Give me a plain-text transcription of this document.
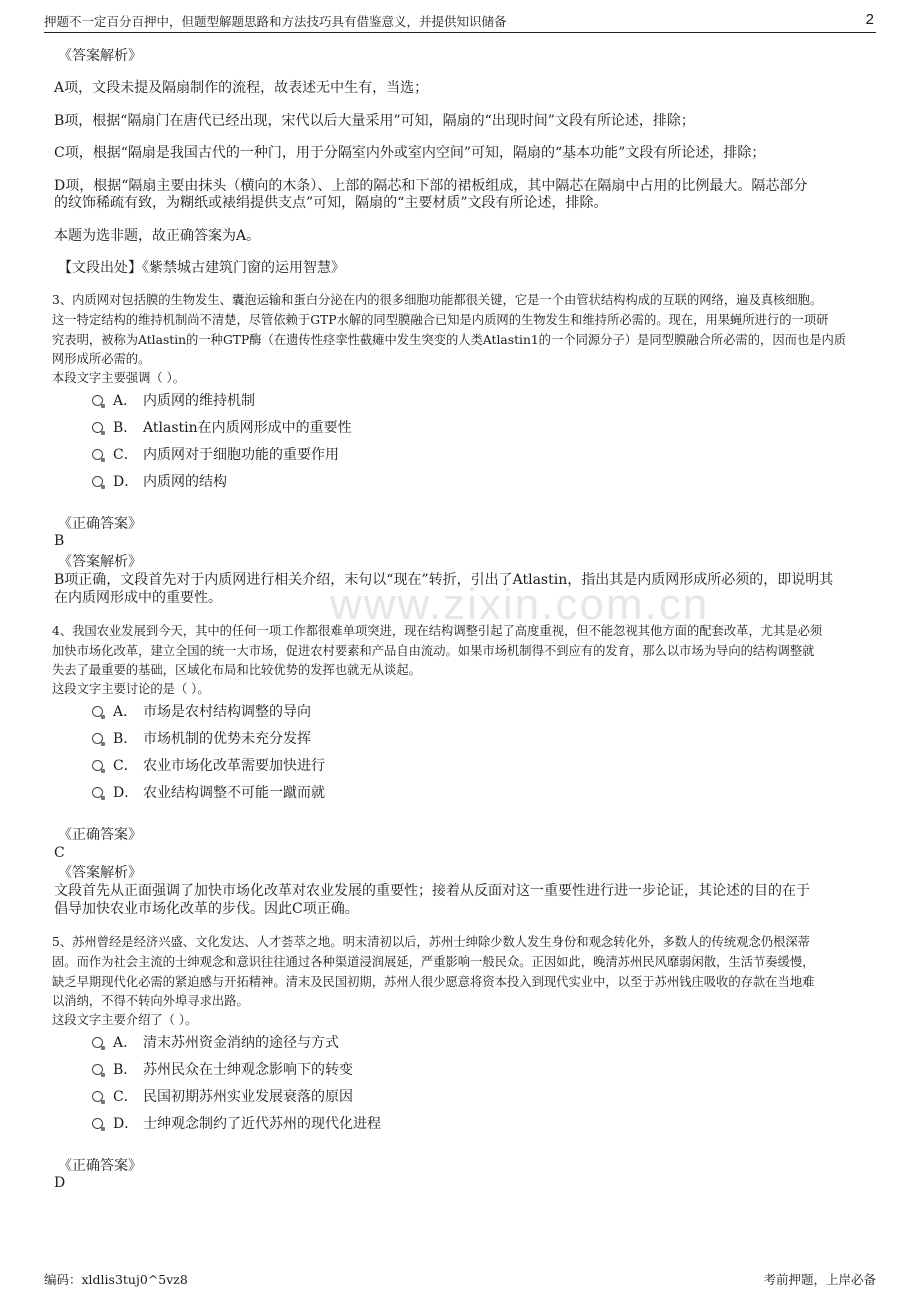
www.zixin.com.cn
押题不一定百分百押中，但题型解题思路和方法技巧具有借鉴意义，并提供知识储备	2
《答案解析》
A项，文段未提及隔扇制作的流程，故表述无中生有，当选；
B项，根据“隔扇门在唐代已经出现，宋代以后大量采用”可知，隔扇的“出现时间”文段有所论述，排除；
C项，根据“隔扇是我国古代的一种门，用于分隔室内外或室内空间”可知，隔扇的“基本功能”文段有所论述，排除；
D项，根据“隔扇主要由抹头（横向的木条）、上部的隔芯和下部的裙板组成，其中隔芯在隔扇中占用的比例最大。隔芯部分
的纹饰稀疏有致，为糊纸或裱绢提供支点”可知，隔扇的“主要材质”文段有所论述，排除。
本题为选非题，故正确答案为A。
【文段出处】《紫禁城古建筑门窗的运用智慧》
3、内质网对包括膜的生物发生、囊泡运输和蛋白分泌在内的很多细胞功能都很关键，它是一个由管状结构构成的互联的网络，遍及真核细胞。
这一特定结构的维持机制尚不清楚，尽管依赖于GTP水解的同型膜融合已知是内质网的生物发生和维持所必需的。现在，用果蝇所进行的一项研
究表明，被称为Atlastin的一种GTP酶（在遗传性痉挛性截瘫中发生突变的人类Atlastin1的一个同源分子）是同型膜融合所必需的，因而也是内质
网形成所必需的。
本段文字主要强调（ ）。
A． 内质网的维持机制
B． Atlastin在内质网形成中的重要性
C． 内质网对于细胞功能的重要作用
D． 内质网的结构
《正确答案》
B
《答案解析》
B项正确，文段首先对于内质网进行相关介绍，末句以“现在”转折，引出了Atlastin，指出其是内质网形成所必须的，即说明其
在内质网形成中的重要性。
4、我国农业发展到今天，其中的任何一项工作都很难单项突进，现在结构调整引起了高度重视，但不能忽视其他方面的配套改革，尤其是必须
加快市场化改革，建立全国的统一大市场，促进农村要素和产品自由流动。如果市场机制得不到应有的发育，那么以市场为导向的结构调整就
失去了最重要的基础，区域化布局和比较优势的发挥也就无从谈起。
这段文字主要讨论的是（ ）。
A． 市场是农村结构调整的导向
B． 市场机制的优势未充分发挥
C． 农业市场化改革需要加快进行
D． 农业结构调整不可能一蹴而就
《正确答案》
C
《答案解析》
文段首先从正面强调了加快市场化改革对农业发展的重要性；接着从反面对这一重要性进行进一步论证，其论述的目的在于
倡导加快农业市场化改革的步伐。因此C项正确。
5、苏州曾经是经济兴盛、文化发达、人才荟萃之地。明末清初以后，苏州士绅除少数人发生身份和观念转化外，多数人的传统观念仍根深蒂
固。而作为社会主流的士绅观念和意识往往通过各种渠道浸润展延，严重影响一般民众。正因如此，晚清苏州民风靡弱闲散，生活节奏缓慢，
缺乏早期现代化必需的紧迫感与开拓精神。清末及民国初期，苏州人很少愿意将资本投入到现代实业中，以至于苏州钱庄吸收的存款在当地难
以消纳，不得不转向外埠寻求出路。
这段文字主要介绍了（ ）。
A． 清末苏州资金消纳的途径与方式
B． 苏州民众在士绅观念影响下的转变
C． 民国初期苏州实业发展衰落的原因
D． 士绅观念制约了近代苏州的现代化进程
《正确答案》
D
编码：xldlis3tuj0^5vz8	考前押题，上岸必备
